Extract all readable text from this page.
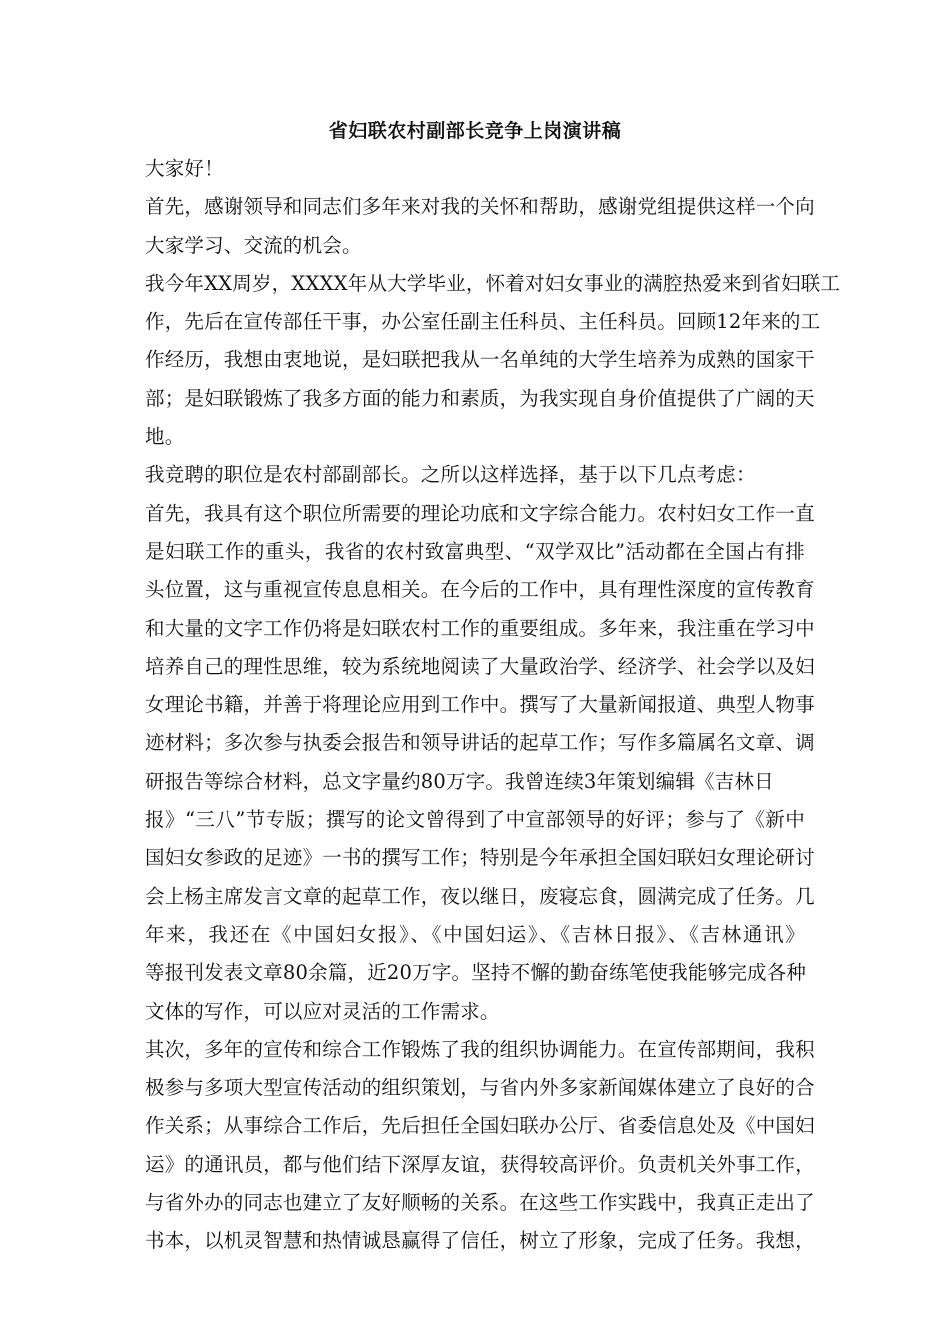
省妇联农村副部长竞争上岗演讲稿
大家好！
首先，感谢领导和同志们多年来对我的关怀和帮助，感谢党组提供这样一个向
大家学习、交流的机会。
我今年XX周岁，XXXX年从大学毕业，怀着对妇女事业的满腔热爱来到省妇联工
作，先后在宣传部任干事，办公室任副主任科员、主任科员。回顾12年来的工
作经历，我想由衷地说，是妇联把我从一名单纯的大学生培养为成熟的国家干
部；是妇联锻炼了我多方面的能力和素质，为我实现自身价值提供了广阔的天
地。
我竞聘的职位是农村部副部长。之所以这样选择，基于以下几点考虑：
首先，我具有这个职位所需要的理论功底和文字综合能力。农村妇女工作一直
是妇联工作的重头，我省的农村致富典型、“双学双比”活动都在全国占有排
头位置，这与重视宣传息息相关。在今后的工作中，具有理性深度的宣传教育
和大量的文字工作仍将是妇联农村工作的重要组成。多年来，我注重在学习中
培养自己的理性思维，较为系统地阅读了大量政治学、经济学、社会学以及妇
女理论书籍，并善于将理论应用到工作中。撰写了大量新闻报道、典型人物事
迹材料；多次参与执委会报告和领导讲话的起草工作；写作多篇属名文章、调
研报告等综合材料，总文字量约80万字。我曾连续3年策划编辑《吉林日
报》“三八”节专版；撰写的论文曾得到了中宣部领导的好评；参与了《新中
国妇女参政的足迹》一书的撰写工作；特别是今年承担全国妇联妇女理论研讨
会上杨主席发言文章的起草工作，夜以继日，废寝忘食，圆满完成了任务。几
年来，我还在《中国妇女报》、《中国妇运》、《吉林日报》、《吉林通讯》
等报刊发表文章80余篇，近20万字。坚持不懈的勤奋练笔使我能够完成各种
文体的写作，可以应对灵活的工作需求。
其次，多年的宣传和综合工作锻炼了我的组织协调能力。在宣传部期间，我积
极参与多项大型宣传活动的组织策划，与省内外多家新闻媒体建立了良好的合
作关系；从事综合工作后，先后担任全国妇联办公厅、省委信息处及《中国妇
运》的通讯员，都与他们结下深厚友谊，获得较高评价。负责机关外事工作，
与省外办的同志也建立了友好顺畅的关系。在这些工作实践中，我真正走出了
书本，以机灵智慧和热情诚恳赢得了信任，树立了形象，完成了任务。我想，
